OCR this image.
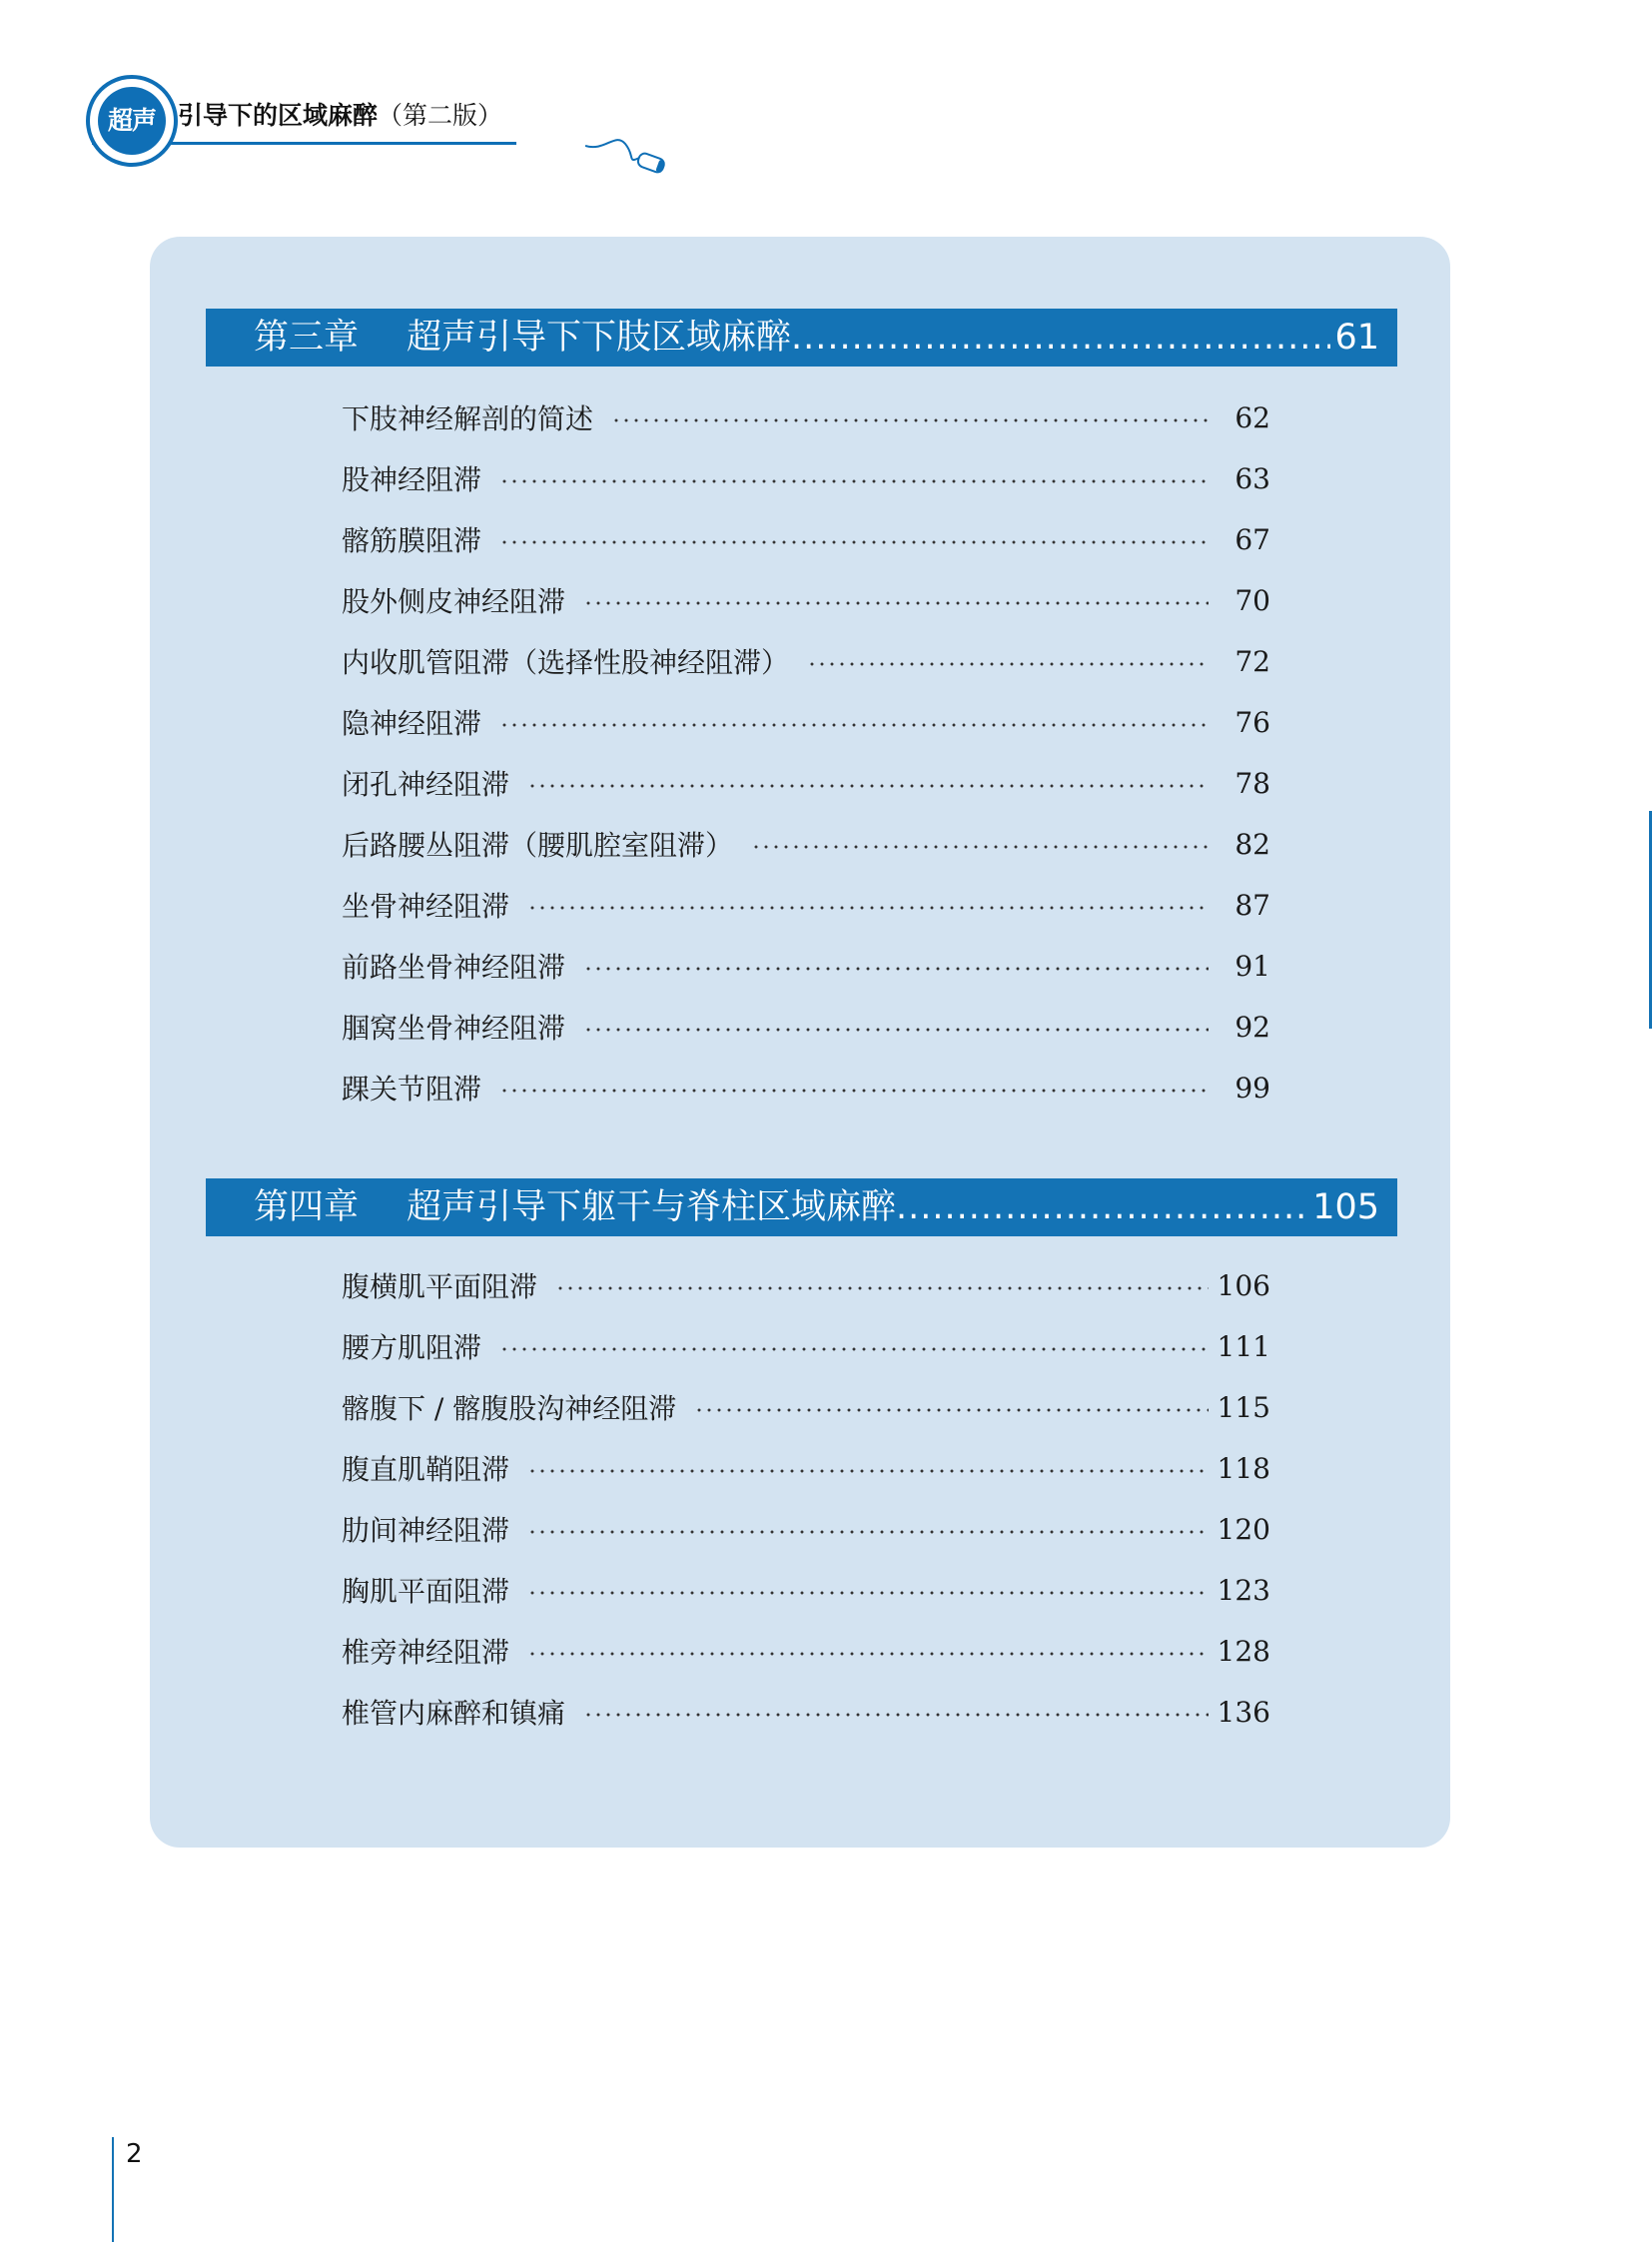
引导下的区域麻醉（第二版）
超声
第三章 超声引导下下肢区域麻醉 .....	61
下肢神经解剖的简述	62
股神经阻滞	63
髂筋膜阻滞	67
股外侧皮神经阻滞	70
内收肌管阻滞（选择性股神经阻滞）	72
隐神经阻滞	76
闭孔神经阻滞	78
后路腰丛阻滞（腰肌腔室阻滞）	82
坐骨神经阻滞	87
前路坐骨神经阻滞	91
腘窝坐骨神经阻滞	92
踝关节阻滞	99
第四章 超声引导下躯干与脊柱区域麻醉 .....	105
腹横肌平面阻滞	106
腰方肌阻滞	111
髂腹下 / 髂腹股沟神经阻滞	115
腹直肌鞘阻滞	118
肋间神经阻滞	120
胸肌平面阻滞	123
椎旁神经阻滞	128
椎管内麻醉和镇痛	136
2
